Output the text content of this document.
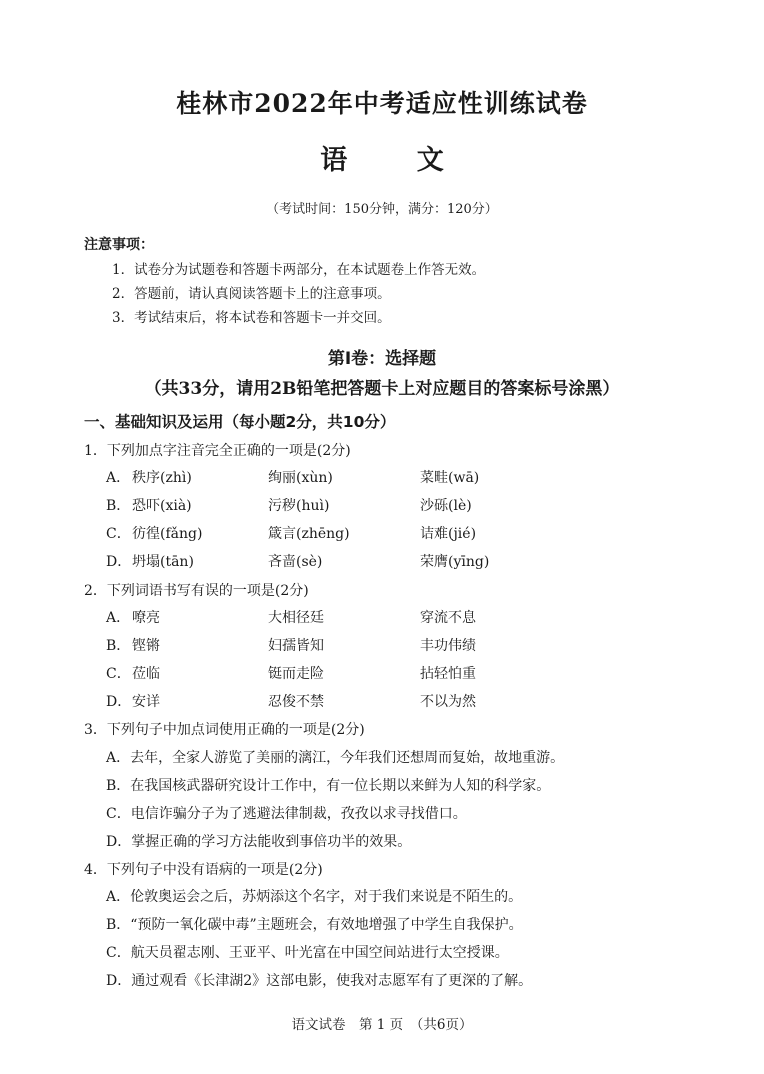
桂林市2022年中考适应性训练试卷
语 文
（考试时间：150分钟，满分：120分）
注意事项：
1．试卷分为试题卷和答题卡两部分，在本试题卷上作答无效。
2．答题前，请认真阅读答题卡上的注意事项。
3．考试结束后，将本试卷和答题卡一并交回。
第Ⅰ卷：选择题
（共33分，请用2B铅笔把答题卡上对应题目的答案标号涂黑）
一、基础知识及运用（每小题2分，共10分）
1．下列加点字注音完全正确的一项是(2分)
A． 秩序(zhì)	绚丽(xùn)	菜畦(wā)
B． 恐吓(xià)	污秽(huì)	沙砾(lè)
C． 彷徨(fǎng)	箴言(zhēng)	诘难(jié)
D． 坍塌(tān)	吝啬(sè)	荣膺(yīng)
2．下列词语书写有误的一项是(2分)
A． 嘹亮	大相径廷	穿流不息
B． 铿锵	妇孺皆知	丰功伟绩
C． 莅临	铤而走险	拈轻怕重
D． 安详	忍俊不禁	不以为然
3．下列句子中加点词使用正确的一项是(2分)
A．去年，全家人游览了美丽的漓江，今年我们还想周而复始，故地重游。
B．在我国核武器研究设计工作中，有一位长期以来鲜为人知的科学家。
C．电信诈骗分子为了逃避法律制裁，孜孜以求寻找借口。
D．掌握正确的学习方法能收到事倍功半的效果。
4．下列句子中没有语病的一项是(2分)
A．伦敦奥运会之后，苏炳添这个名字，对于我们来说是不陌生的。
B．“预防一氧化碳中毒”主题班会，有效地增强了中学生自我保护。
C．航天员翟志刚、王亚平、叶光富在中国空间站进行太空授课。
D．通过观看《长津湖2》这部电影，使我对志愿军有了更深的了解。
语文试卷　第 1 页　（共6页）
